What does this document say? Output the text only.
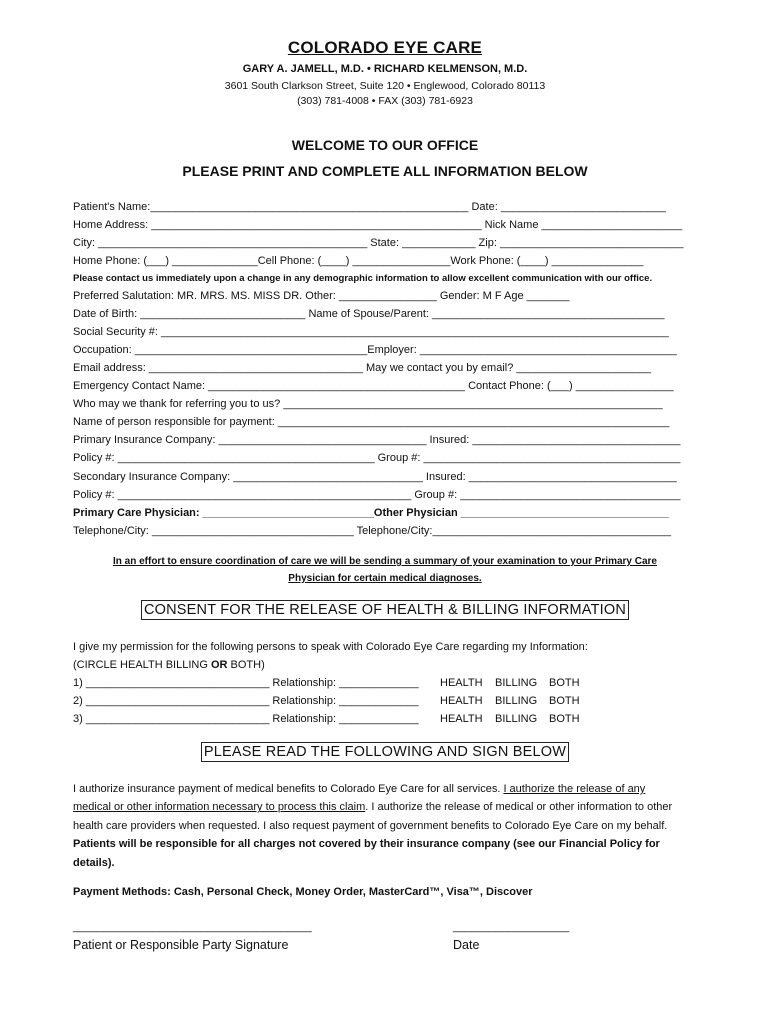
COLORADO EYE CARE
GARY A. JAMELL, M.D. • RICHARD KELMENSON, M.D.
3601 South Clarkson Street, Suite 120 • Englewood, Colorado 80113
(303) 781-4008 • FAX (303) 781-6923
WELCOME TO OUR OFFICE
PLEASE PRINT AND COMPLETE ALL INFORMATION BELOW
Patient's Name:____________________________________________________ Date: ___________________________
Home Address: ______________________________________________________ Nick Name _______________________
City: ____________________________________________ State: ____________ Zip: ______________________________
Home Phone: (___) ______________Cell Phone: (____) ________________Work Phone: (____) _______________
Please contact us immediately upon a change in any demographic information to allow excellent communication with our office.
Preferred Salutation: MR. MRS. MS. MISS DR. Other: ________________ Gender: M F Age _______
Date of Birth: ___________________________ Name of Spouse/Parent: ______________________________________
Social Security #: ___________________________________________________________________________________
Occupation: ______________________________________Employer: __________________________________________
Email address: ___________________________________ May we contact you by email? ______________________
Emergency Contact Name: __________________________________________ Contact Phone: (___) ________________
Who may we thank for referring you to us? ______________________________________________________________
Name of person responsible for payment: ________________________________________________________________
Primary Insurance Company: __________________________________ Insured: __________________________________
Policy #: __________________________________________ Group #: __________________________________________
Secondary Insurance Company: _______________________________ Insured: __________________________________
Policy #: ________________________________________________ Group #: ____________________________________
Primary Care Physician: ____________________________Other Physician __________________________________
Telephone/City: _________________________________ Telephone/City:_______________________________________
In an effort to ensure coordination of care we will be sending a summary of your examination to your Primary Care
Physician for certain medical diagnoses.
CONSENT FOR THE RELEASE OF HEALTH & BILLING INFORMATION
I give my permission for the following persons to speak with Colorado Eye Care regarding my Information:
(CIRCLE HEALTH BILLING OR BOTH)
1) ______________________________ Relationship: _____________ HEALTH BILLING BOTH
2) ______________________________ Relationship: _____________ HEALTH BILLING BOTH
3) ______________________________ Relationship: _____________ HEALTH BILLING BOTH
PLEASE READ THE FOLLOWING AND SIGN BELOW
I authorize insurance payment of medical benefits to Colorado Eye Care for all services. I authorize the release of any medical or other information necessary to process this claim. I authorize the release of medical or other information to other health care providers when requested. I also request payment of government benefits to Colorado Eye Care on my behalf. Patients will be responsible for all charges not covered by their insurance company (see our Financial Policy for details).
Payment Methods: Cash, Personal Check, Money Order, MasterCard™, Visa™, Discover
_______________________________________	___________________
Patient or Responsible Party Signature	Date
